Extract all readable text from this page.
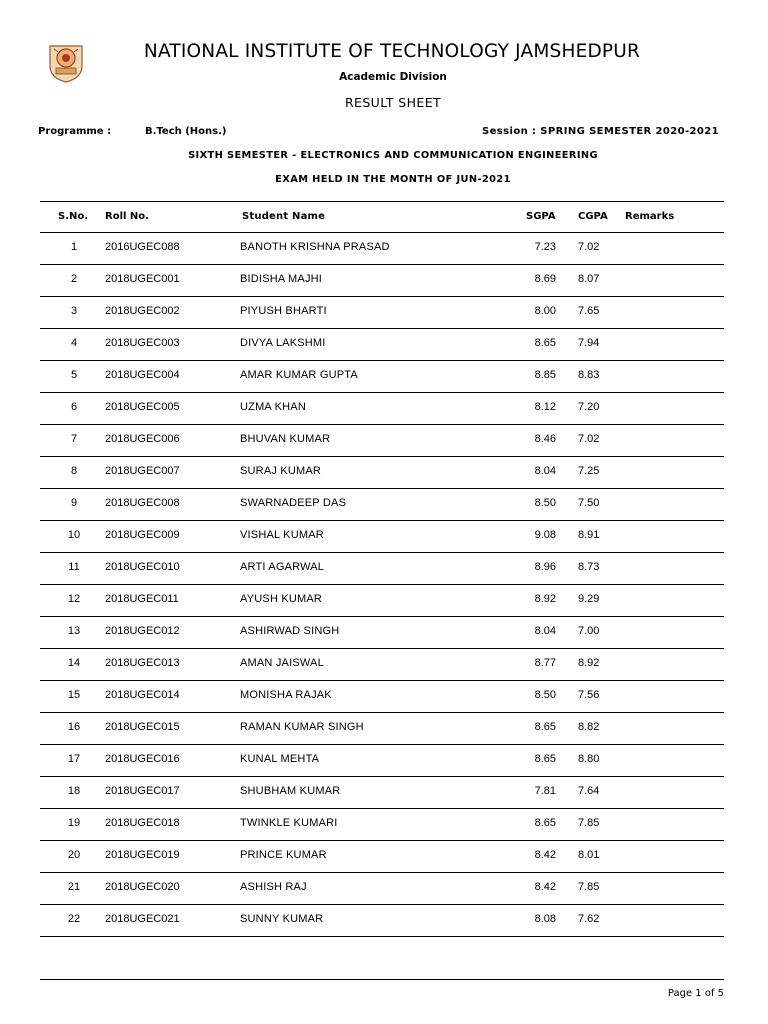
NATIONAL INSTITUTE OF TECHNOLOGY JAMSHEDPUR
Academic Division
RESULT SHEET
Programme :	B.Tech (Hons.)	Session : SPRING SEMESTER 2020-2021
SIXTH SEMESTER - ELECTRONICS AND COMMUNICATION ENGINEERING
EXAM HELD IN THE MONTH OF JUN-2021
S.No. Roll No.	Student Name	SGPA CGPA Remarks
1	2016UGEC088	BANOTH KRISHNA PRASAD	7.23 7.02
2	2018UGEC001	BIDISHA MAJHI	8.69 8.07
3	2018UGEC002	PIYUSH BHARTI	8.00 7.65
4	2018UGEC003	DIVYA LAKSHMI	8.65 7.94
5	2018UGEC004	AMAR KUMAR GUPTA	8.85 8.83
6	2018UGEC005	UZMA KHAN	8.12 7.20
7	2018UGEC006	BHUVAN KUMAR	8.46 7.02
8	2018UGEC007	SURAJ KUMAR	8.04 7.25
9	2018UGEC008	SWARNADEEP DAS	8.50 7.50
10	2018UGEC009	VISHAL KUMAR	9.08 8.91
11	2018UGEC010	ARTI AGARWAL	8.96 8.73
12	2018UGEC011	AYUSH KUMAR	8.92 9.29
13	2018UGEC012	ASHIRWAD SINGH	8.04 7.00
14	2018UGEC013	AMAN JAISWAL	8.77 8.92
15	2018UGEC014	MONISHA RAJAK	8.50 7.56
16	2018UGEC015	RAMAN KUMAR SINGH	8.65 8.82
17	2018UGEC016	KUNAL MEHTA	8.65 8.80
18	2018UGEC017	SHUBHAM KUMAR	7.81 7.64
19	2018UGEC018	TWINKLE KUMARI	8.65 7.85
20	2018UGEC019	PRINCE KUMAR	8.42 8.01
21	2018UGEC020	ASHISH RAJ	8.42 7.85
22	2018UGEC021	SUNNY KUMAR	8.08 7.62
Page 1 of 5
